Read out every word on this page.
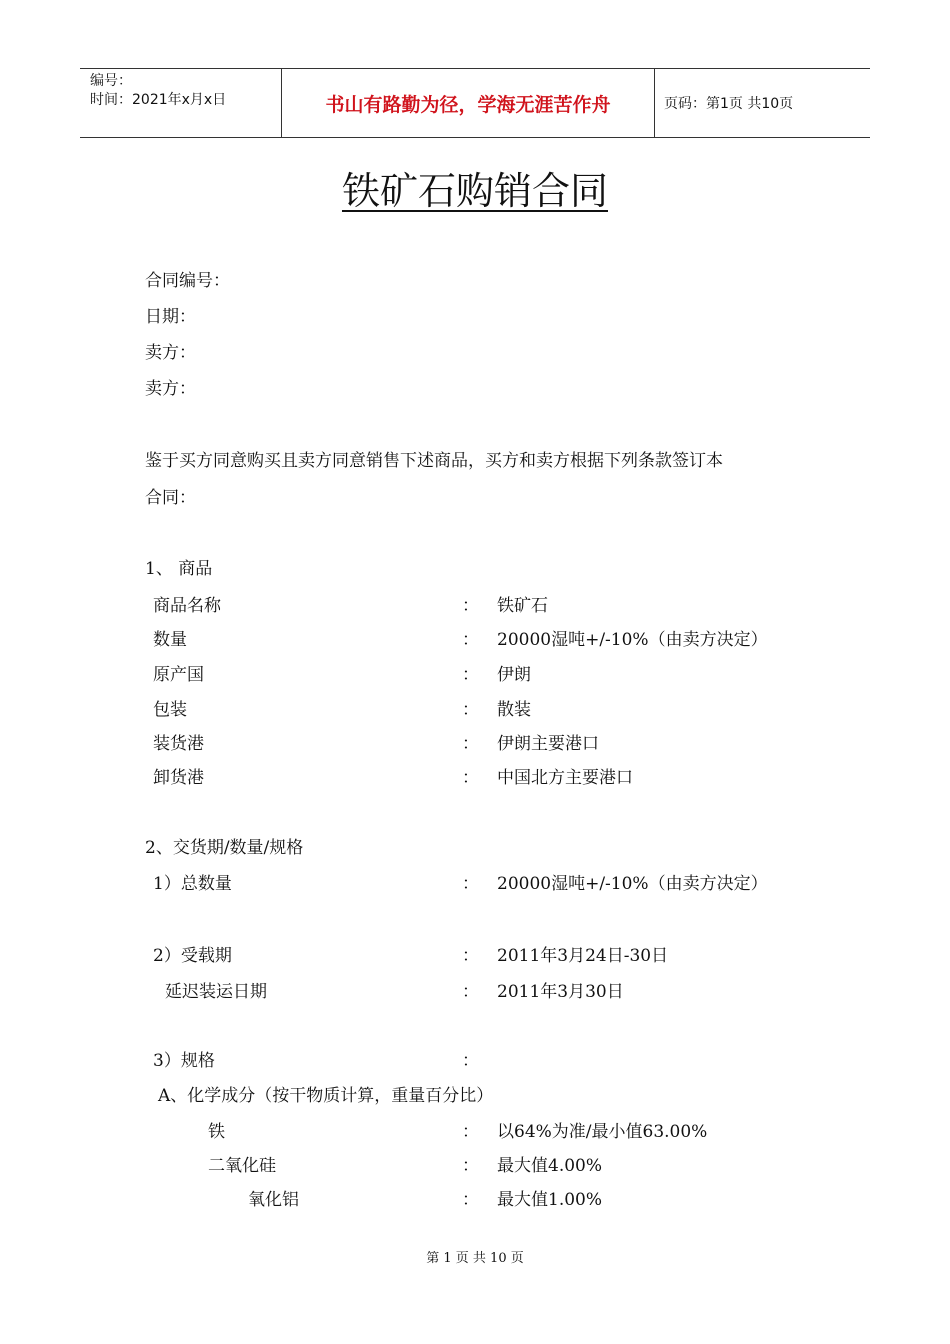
编号：
时间：2021年x月x日	书山有路勤为径，学海无涯苦作舟	页码：第1页 共10页
铁矿石购销合同
合同编号：
日期：
卖方：
卖方：
鉴于买方同意购买且卖方同意销售下述商品，买方和卖方根据下列条款签订本
合同：
1、 商品
商品名称	： 铁矿石
数量	： 20000湿吨+/-10%（由卖方决定）
原产国	： 伊朗
包装	： 散装
装货港	： 伊朗主要港口
卸货港	： 中国北方主要港口
2、交货期/数量/规格
1）总数量	： 20000湿吨+/-10%（由卖方决定）
2）受载期	： 2011年3月24日-30日
延迟装运日期	： 2011年3月30日
3）规格	：
A、化学成分（按干物质计算，重量百分比）
铁	： 以64%为准/最小值63.00%
二氧化硅	： 最大值4.00%
氧化铝	： 最大值1.00%
第 1 页 共 10 页
